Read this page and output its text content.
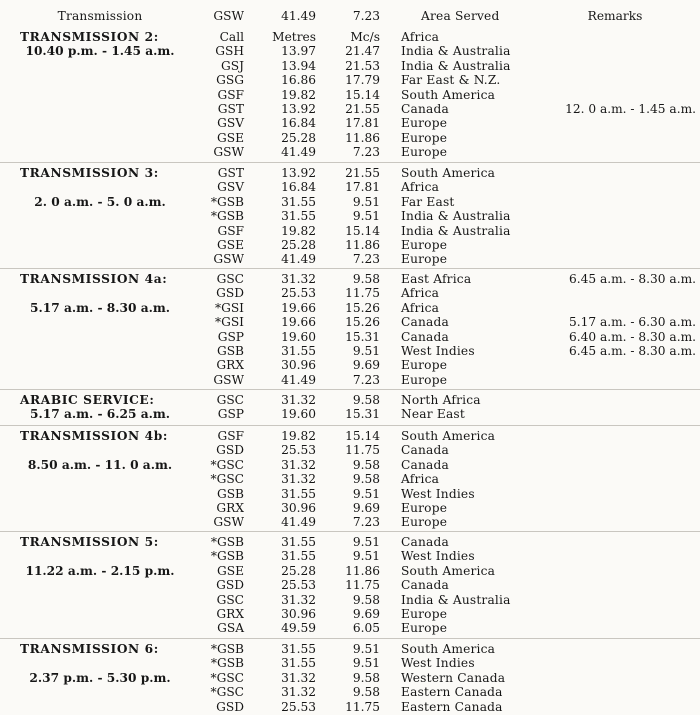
Transmission	GSW	41.49	7.23	Area Served	Remarks
TRANSMISSION 2:	Call	Metres	Mc/s Africa
10.40 p.m. - 1.45 a.m.	GSH	13.97	21.47 India & Australia
GSJ	13.94	21.53 India & Australia
GSG	16.86	17.79 Far East & N.Z.
GSF	19.82	15.14 South America
GST	13.92	21.55 Canada	12. 0 a.m. - 1.45 a.m.
GSV	16.84	17.81 Europe
GSE	25.28	11.86 Europe
GSW	41.49	7.23 Europe
TRANSMISSION 3:	GST	13.92	21.55 South America
GSV	16.84	17.81 Africa
2. 0 a.m. - 5. 0 a.m.	*GSB	31.55	9.51 Far East
*GSB	31.55	9.51 India & Australia
GSF	19.82	15.14 India & Australia
GSE	25.28	11.86 Europe
GSW	41.49	7.23 Europe
TRANSMISSION 4a:	GSC	31.32	9.58 East Africa	6.45 a.m. - 8.30 a.m.
GSD	25.53	11.75 Africa
5.17 a.m. - 8.30 a.m.	*GSI	19.66	15.26 Africa
*GSI	19.66	15.26 Canada	5.17 a.m. - 6.30 a.m.
GSP	19.60	15.31 Canada	6.40 a.m. - 8.30 a.m.
GSB	31.55	9.51 West Indies	6.45 a.m. - 8.30 a.m.
GRX	30.96	9.69 Europe
GSW	41.49	7.23 Europe
ARABIC SERVICE:	GSC	31.32	9.58 North Africa
5.17 a.m. - 6.25 a.m.	GSP	19.60	15.31 Near East
TRANSMISSION 4b:	GSF	19.82	15.14 South America
GSD	25.53	11.75 Canada
8.50 a.m. - 11. 0 a.m.	*GSC	31.32	9.58 Canada
*GSC	31.32	9.58 Africa
GSB	31.55	9.51 West Indies
GRX	30.96	9.69 Europe
GSW	41.49	7.23 Europe
TRANSMISSION 5:	*GSB	31.55	9.51 Canada
*GSB	31.55	9.51 West Indies
11.22 a.m. - 2.15 p.m.	GSE	25.28	11.86 South America
GSD	25.53	11.75 Canada
GSC	31.32	9.58 India & Australia
GRX	30.96	9.69 Europe
GSA	49.59	6.05 Europe
TRANSMISSION 6:	*GSB	31.55	9.51 South America
*GSB	31.55	9.51 West Indies
2.37 p.m. - 5.30 p.m.	*GSC	31.32	9.58 Western Canada
*GSC	31.32	9.58 Eastern Canada
GSD	25.53	11.75 Eastern Canada
